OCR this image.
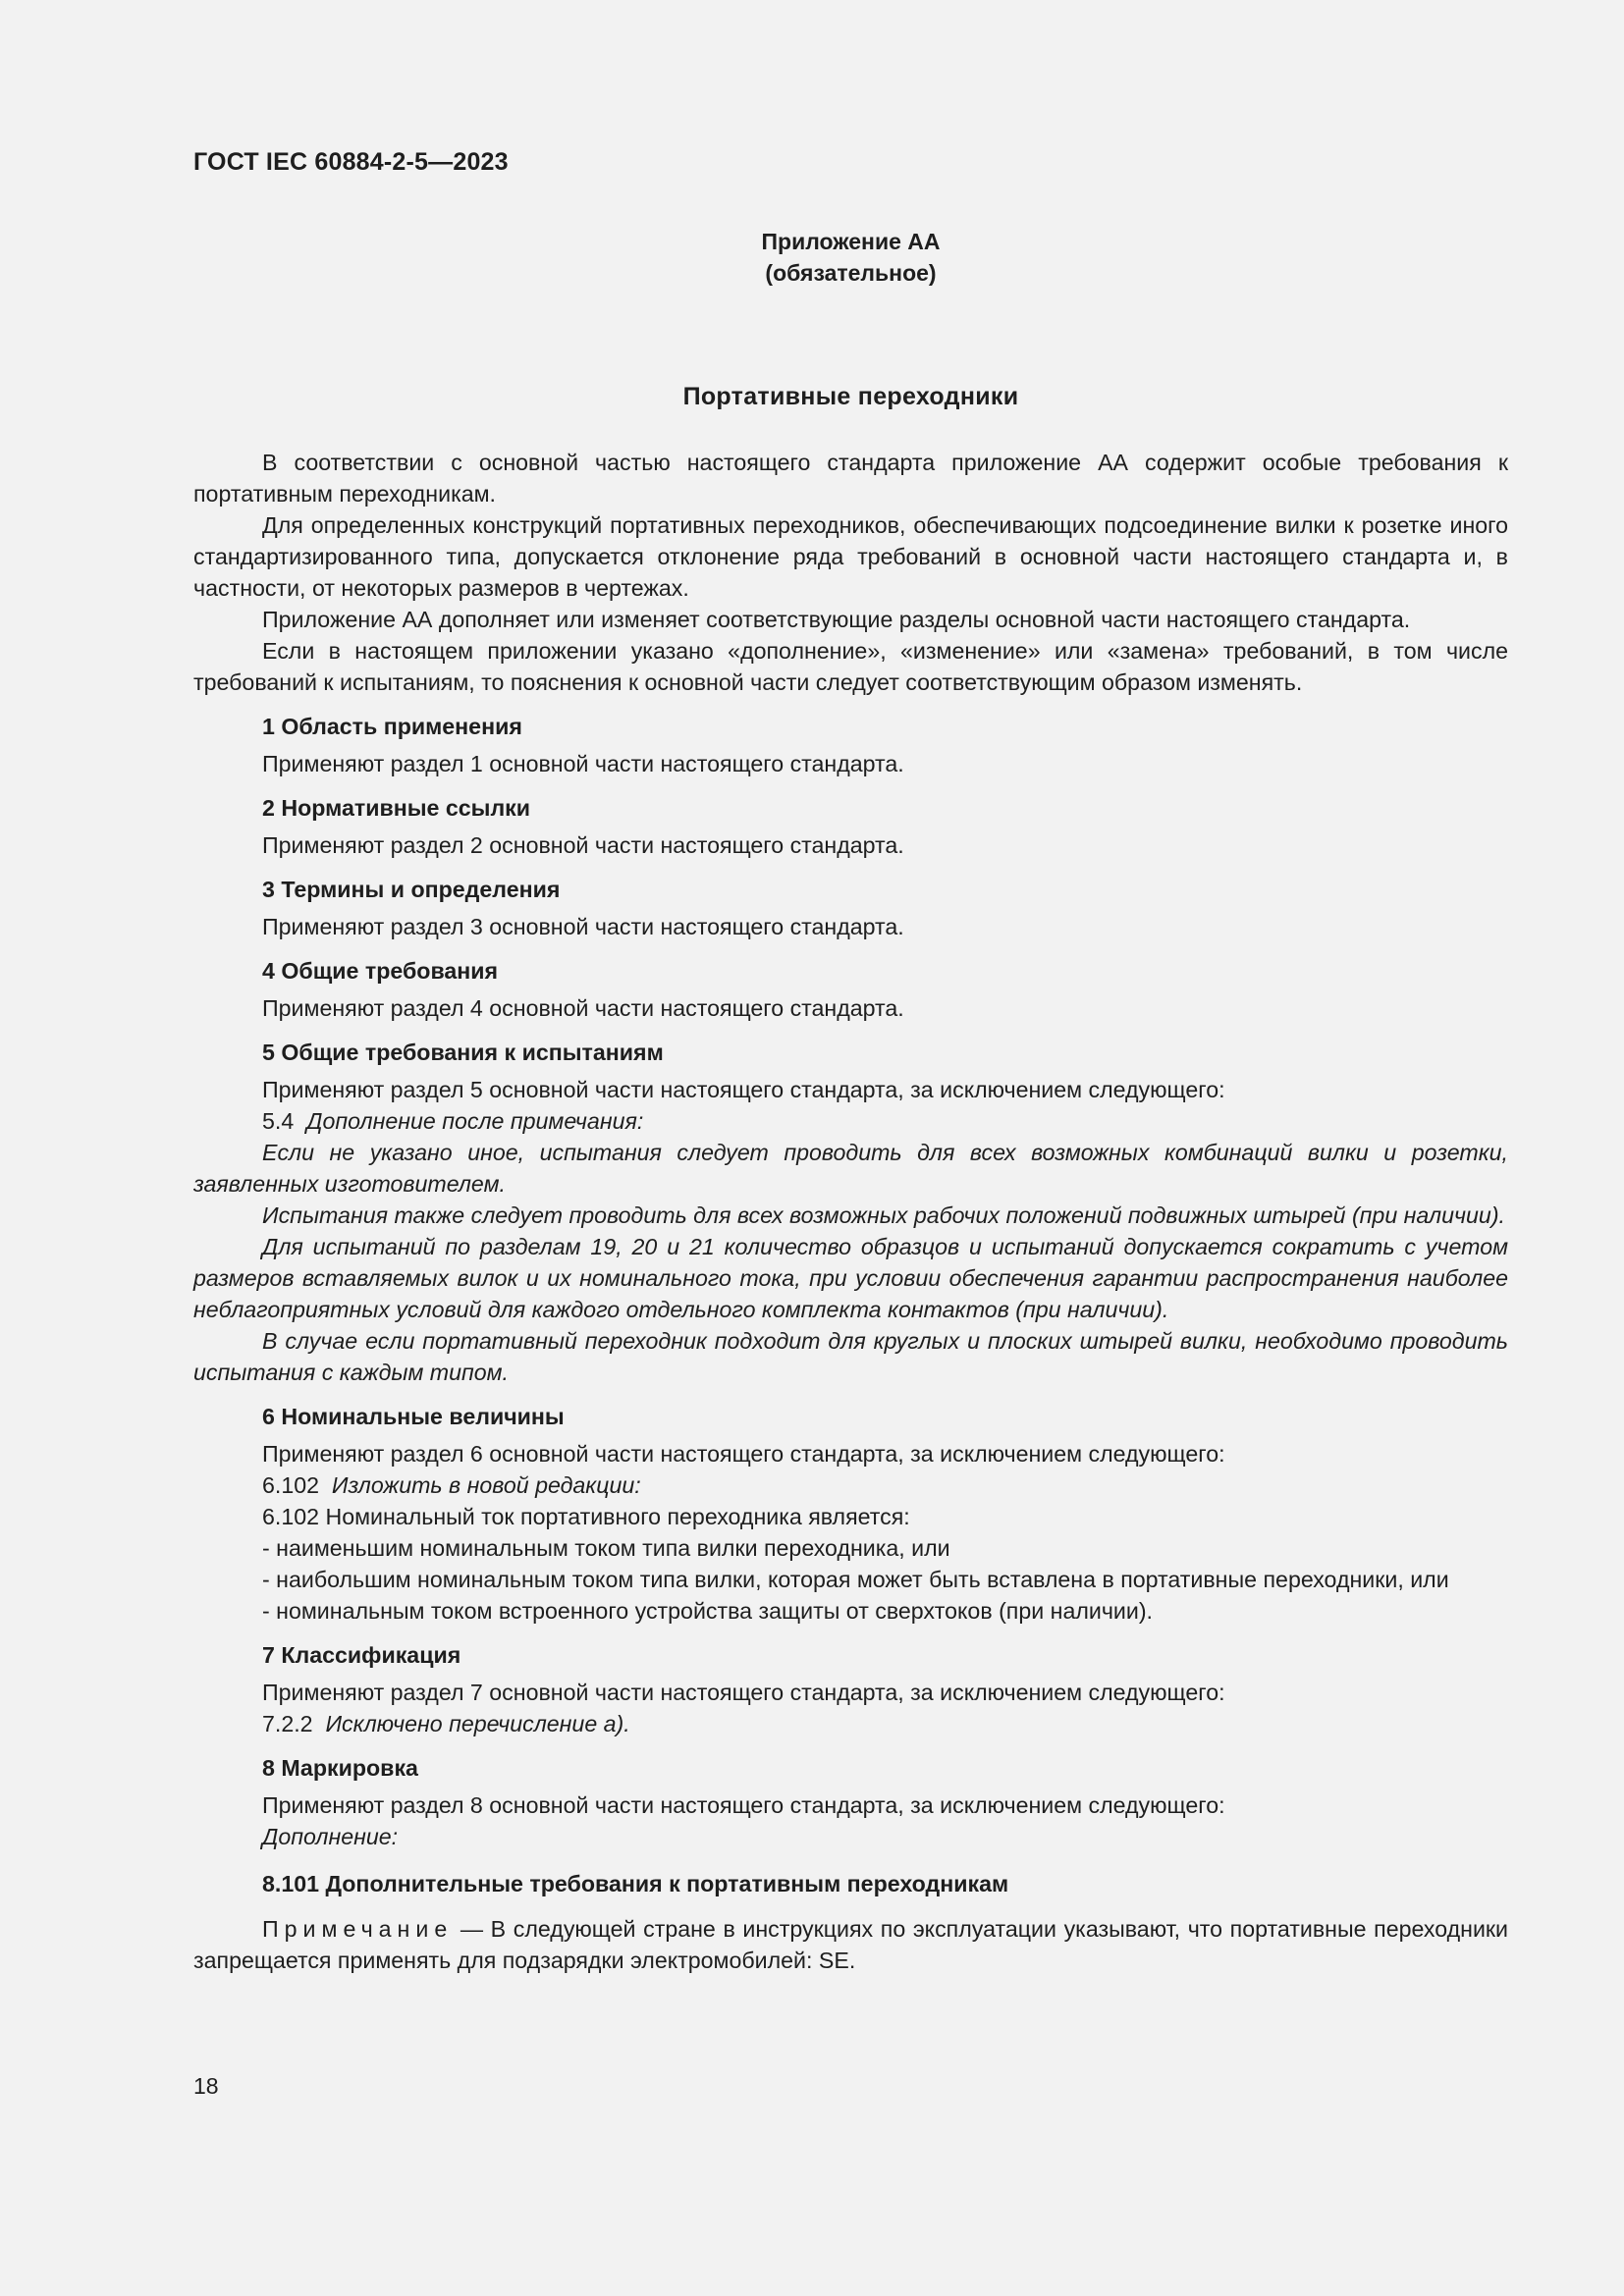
ГОСТ IEC 60884-2-5—2023
Приложение АА
(обязательное)
Портативные переходники

В соответствии с основной частью настоящего стандарта приложение АА содержит особые требования к портативным переходникам.

Для определенных конструкций портативных переходников, обеспечивающих подсоединение вилки к розетке иного стандартизированного типа, допускается отклонение ряда требований в основной части настоящего стандарта и, в частности, от некоторых размеров в чертежах.

Приложение АА дополняет или изменяет соответствующие разделы основной части настоящего стандарта.

Если в настоящем приложении указано «дополнение», «изменение» или «замена» требований, в том числе требований к испытаниям, то пояснения к основной части следует соответствующим образом изменять.

1 Область применения

Применяют раздел 1 основной части настоящего стандарта.

2 Нормативные ссылки

Применяют раздел 2 основной части настоящего стандарта.

3 Термины и определения

Применяют раздел 3 основной части настоящего стандарта.

4 Общие требования

Применяют раздел 4 основной части настоящего стандарта.

5 Общие требования к испытаниям

Применяют раздел 5 основной части настоящего стандарта, за исключением следующего:

5.4 Дополнение после примечания:

Если не указано иное, испытания следует проводить для всех возможных комбинаций вилки и розетки, заявленных изготовителем.

Испытания также следует проводить для всех возможных рабочих положений подвижных штырей (при наличии).

Для испытаний по разделам 19, 20 и 21 количество образцов и испытаний допускается сократить с учетом размеров вставляемых вилок и их номинального тока, при условии обеспечения гарантии распространения наиболее неблагоприятных условий для каждого отдельного комплекта контактов (при наличии).

В случае если портативный переходник подходит для круглых и плоских штырей вилки, необходимо проводить испытания с каждым типом.

6 Номинальные величины

Применяют раздел 6 основной части настоящего стандарта, за исключением следующего:

6.102 Изложить в новой редакции:

6.102 Номинальный ток портативного переходника является:

- наименьшим номинальным током типа вилки переходника, или

- наибольшим номинальным током типа вилки, которая может быть вставлена в портативные переходники, или

- номинальным током встроенного устройства защиты от сверхтоков (при наличии).

7 Классификация

Применяют раздел 7 основной части настоящего стандарта, за исключением следующего:

7.2.2 Исключено перечисление а).

8 Маркировка

Применяют раздел 8 основной части настоящего стандарта, за исключением следующего:

Дополнение:

8.101 Дополнительные требования к портативным переходникам

Примечание — В следующей стране в инструкциях по эксплуатации указывают, что портативные переходники запрещается применять для подзарядки электромобилей: SE.

18
